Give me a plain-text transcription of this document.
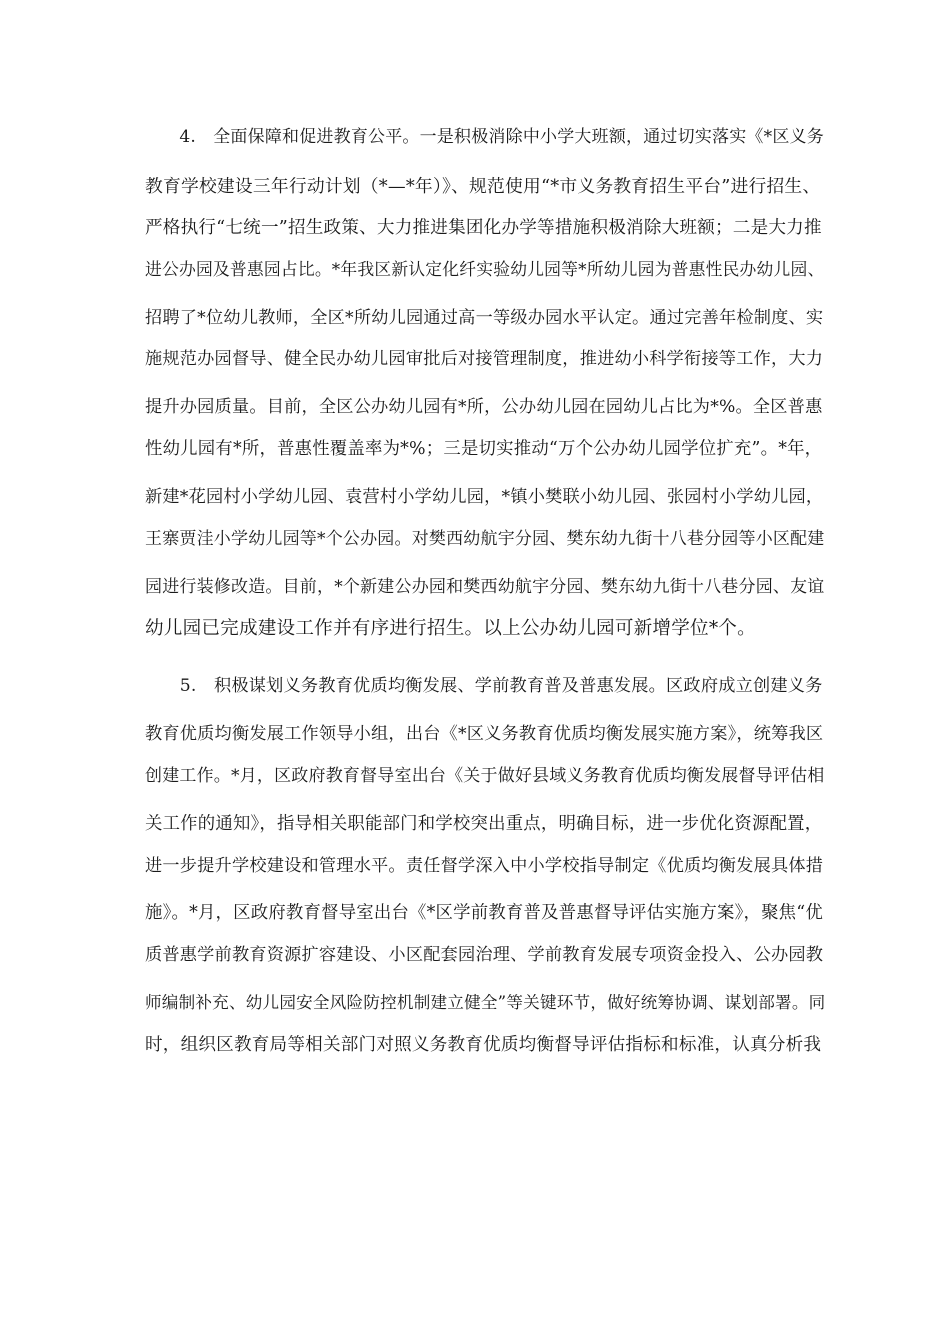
　　4.　全面保障和促进教育公平。一是积极消除中小学大班额，通过切实落实《*区义务
教育学校建设三年行动计划（*—*年）》、规范使用“*市义务教育招生平台”进行招生、
严格执行“七统一”招生政策、大力推进集团化办学等措施积极消除大班额；二是大力推
进公办园及普惠园占比。*年我区新认定化纤实验幼儿园等*所幼儿园为普惠性民办幼儿园、
招聘了*位幼儿教师，全区*所幼儿园通过高一等级办园水平认定。通过完善年检制度、实
施规范办园督导、健全民办幼儿园审批后对接管理制度，推进幼小科学衔接等工作，大力
提升办园质量。目前，全区公办幼儿园有*所，公办幼儿园在园幼儿占比为*%。全区普惠
性幼儿园有*所，普惠性覆盖率为*%；三是切实推动“万个公办幼儿园学位扩充”。*年，
新建*花园村小学幼儿园、袁营村小学幼儿园，*镇小樊联小幼儿园、张园村小学幼儿园，
王寨贾洼小学幼儿园等*个公办园。对樊西幼航宇分园、樊东幼九街十八巷分园等小区配建
园进行装修改造。目前，*个新建公办园和樊西幼航宇分园、樊东幼九街十八巷分园、友谊
幼儿园已完成建设工作并有序进行招生。以上公办幼儿园可新增学位*个。
　　5.　积极谋划义务教育优质均衡发展、学前教育普及普惠发展。区政府成立创建义务
教育优质均衡发展工作领导小组，出台《*区义务教育优质均衡发展实施方案》，统筹我区
创建工作。*月，区政府教育督导室出台《关于做好县域义务教育优质均衡发展督导评估相
关工作的通知》，指导相关职能部门和学校突出重点，明确目标，进一步优化资源配置，
进一步提升学校建设和管理水平。责任督学深入中小学校指导制定《优质均衡发展具体措
施》。*月，区政府教育督导室出台《*区学前教育普及普惠督导评估实施方案》，聚焦“优
质普惠学前教育资源扩容建设、小区配套园治理、学前教育发展专项资金投入、公办园教
师编制补充、幼儿园安全风险防控机制建立健全”等关键环节，做好统筹协调、谋划部署。同
时，组织区教育局等相关部门对照义务教育优质均衡督导评估指标和标准，认真分析我
